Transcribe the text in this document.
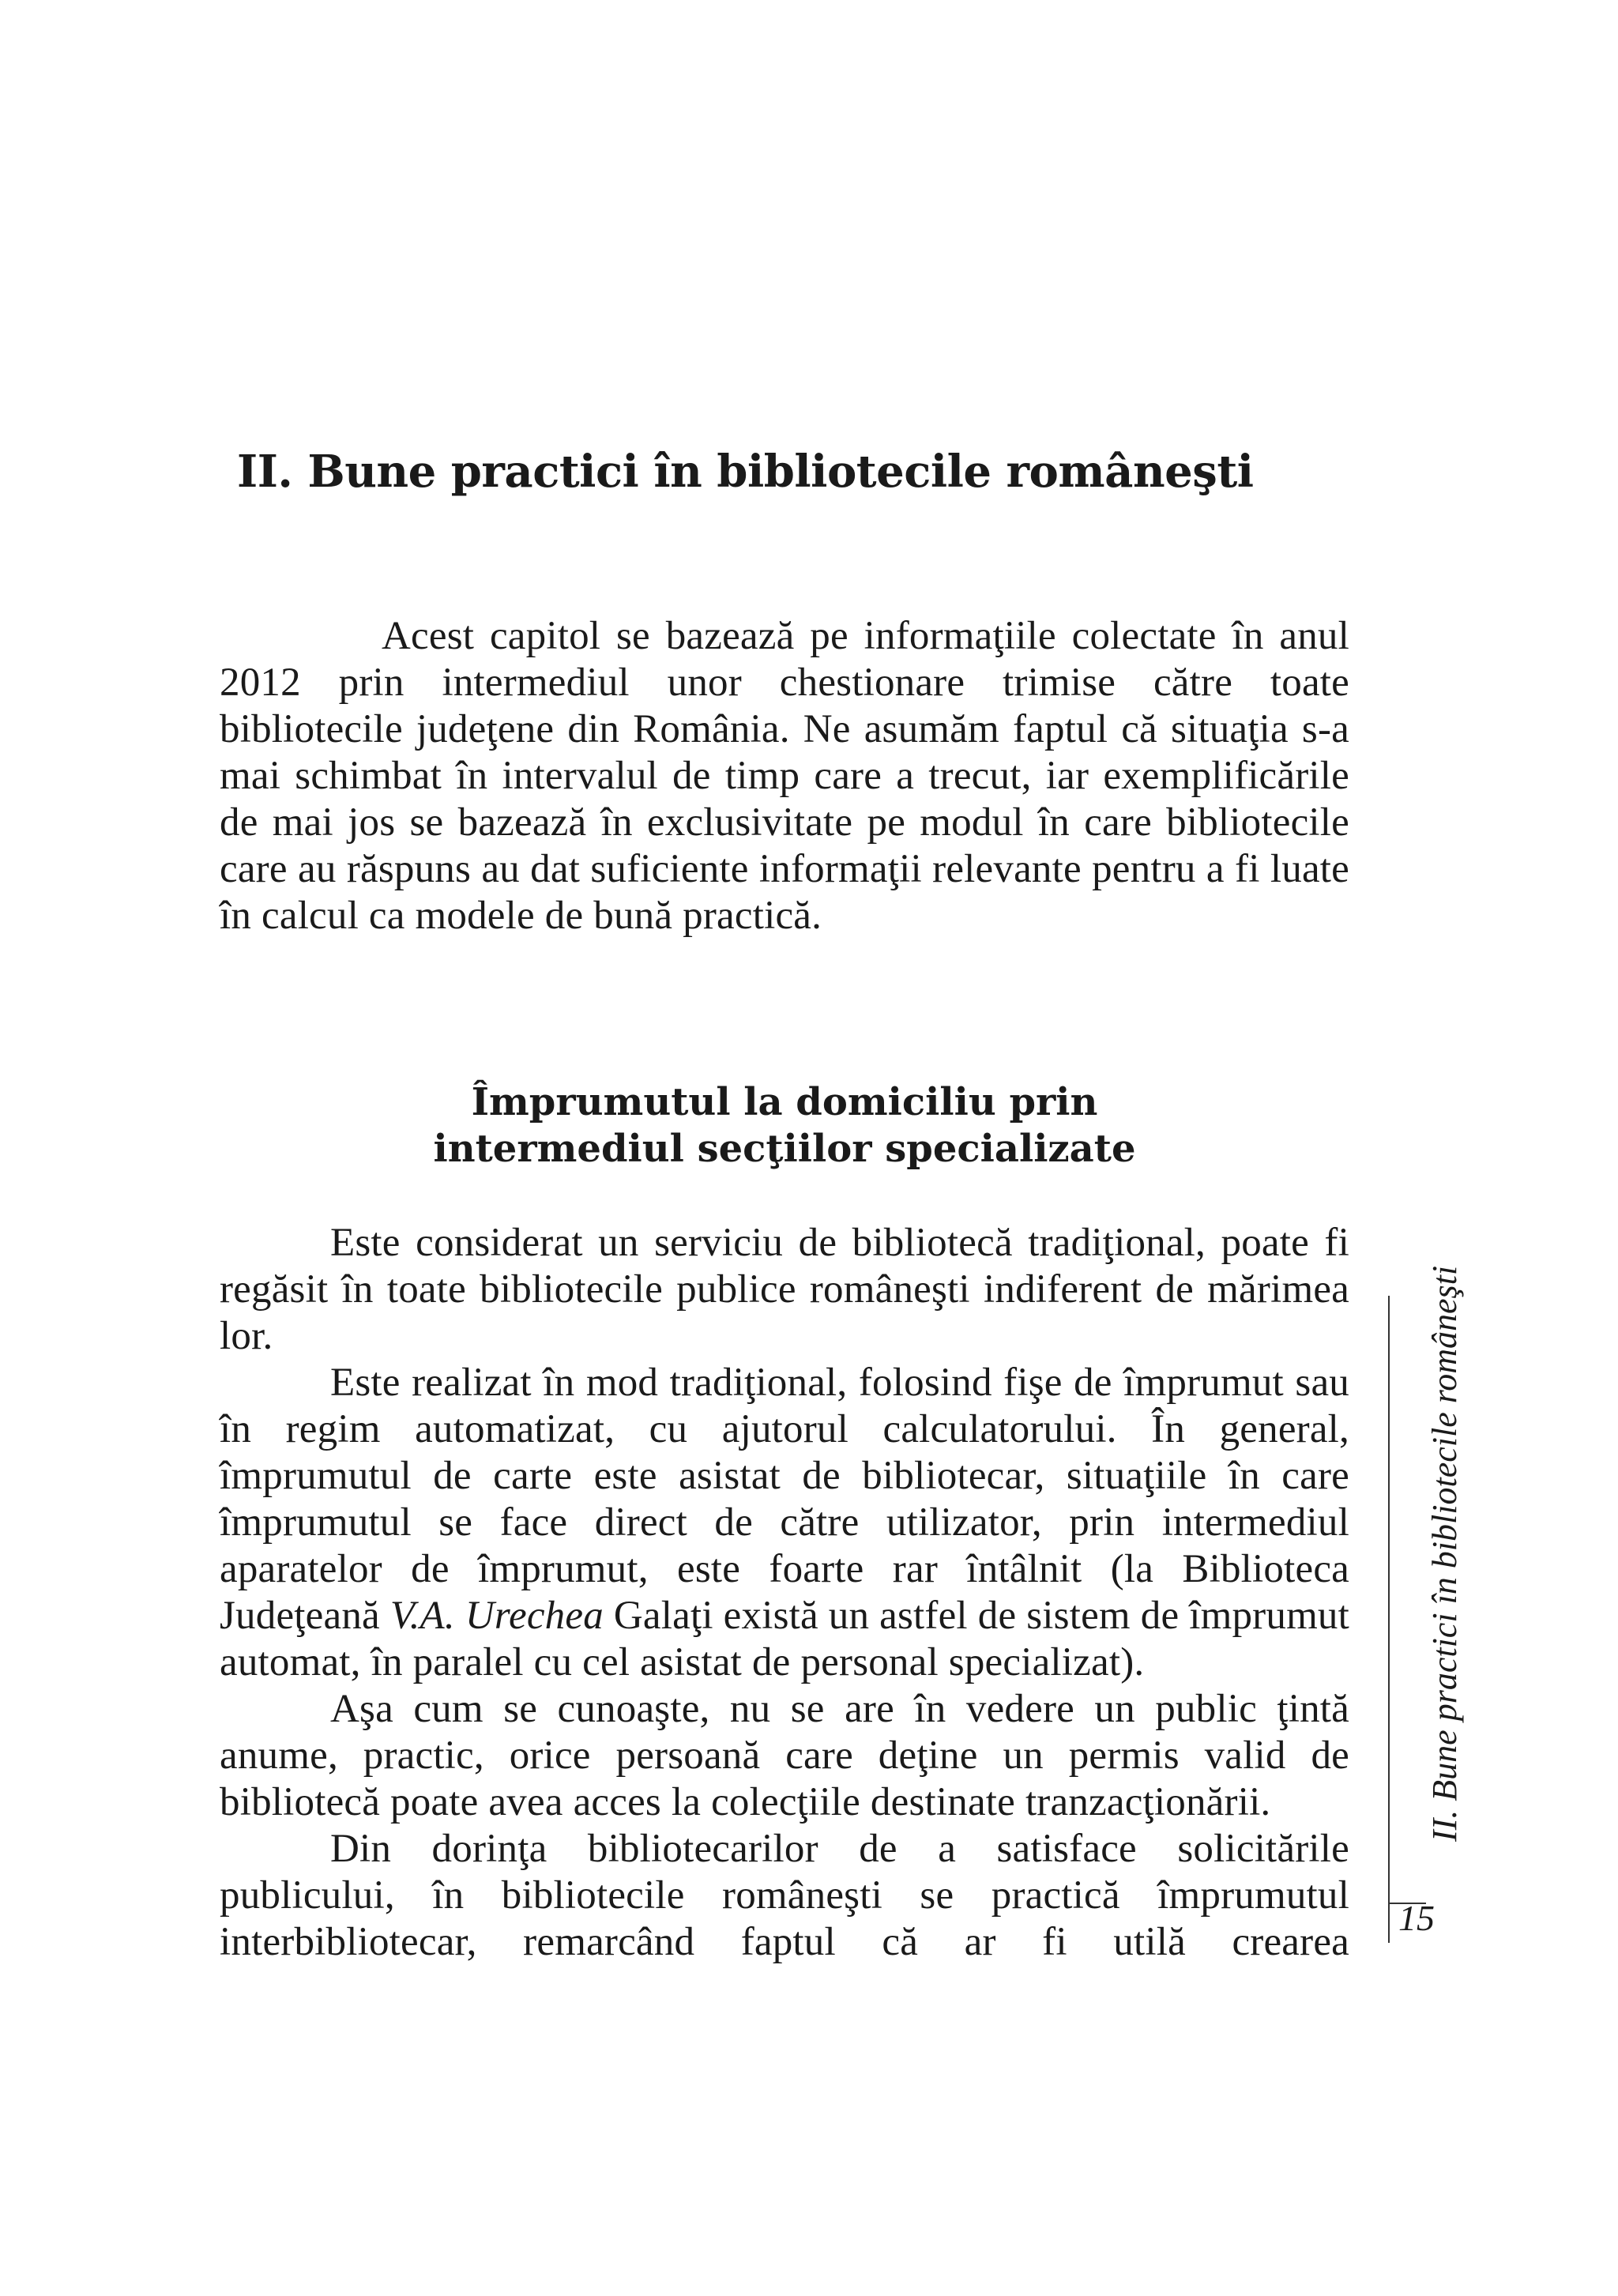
II. Bune practici în bibliotecile româneşti

Acest capitol se bazează pe informaţiile colectate în anul 2012 prin intermediul unor chestionare trimise către toate bibliotecile judeţene din România. Ne asumăm faptul că situaţia s-a mai schimbat în intervalul de timp care a trecut, iar exemplificările de mai jos se bazează în exclusivitate pe modul în care bibliotecile care au răspuns au dat suficiente informaţii relevante pentru a fi luate în calcul ca modele de bună practică.

Împrumutul la domiciliu prin
intermediul secţiilor specializate

Este considerat un serviciu de bibliotecă tradiţional, poate fi regăsit în toate bibliotecile publice româneşti indiferent de mărimea lor.

Este realizat în mod tradiţional, folosind fişe de împrumut sau în regim automatizat, cu ajutorul calculatorului. În general, împrumutul de carte este asistat de bibliotecar, situaţiile în care împrumutul se face direct de către utilizator, prin intermediul aparatelor de împrumut, este foarte rar întâlnit (la Biblioteca Judeţeană V.A. Urechea Galaţi există un astfel de sistem de împrumut automat, în paralel cu cel asistat de personal specializat).

Aşa cum se cunoaşte, nu se are în vedere un public ţintă anume, practic, orice persoană care deţine un permis valid de bibliotecă poate avea acces la colecţiile destinate tranzacţionării.

Din dorinţa bibliotecarilor de a satisface solicitările publicului, în bibliotecile româneşti se practică împrumutul interbibliotecar, remarcând faptul că ar fi utilă crearea

II. Bune practici în bibliotecile româneşti
15
